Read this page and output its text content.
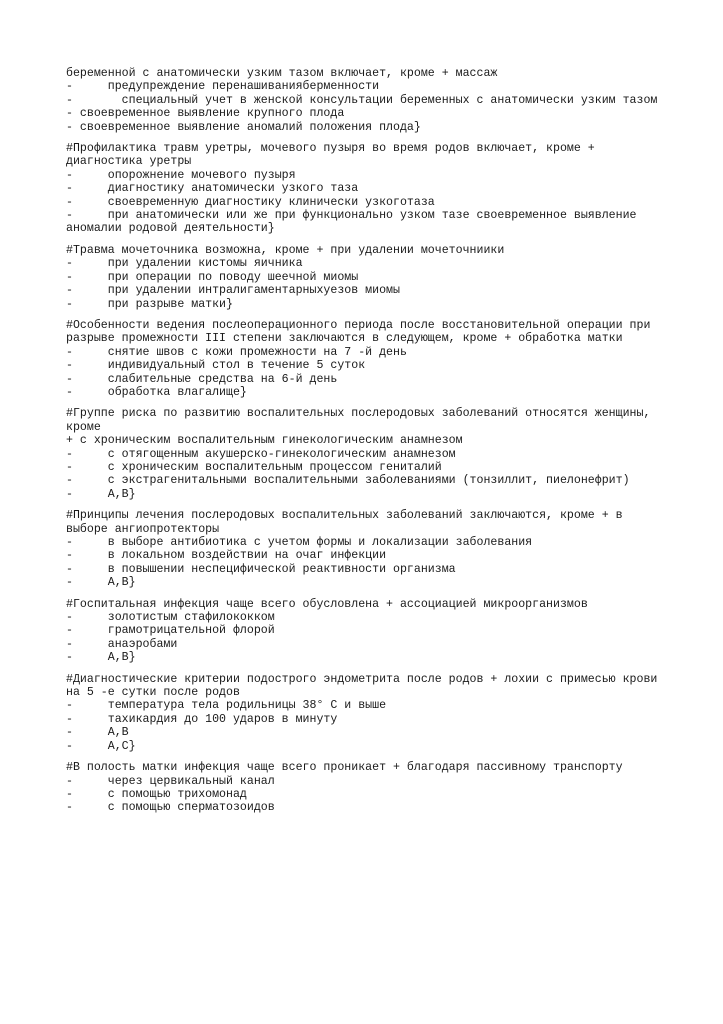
беременной с анатомически узким тазом включает, кроме + массаж
-     предупреждение перенашиванияберменности
-       специальный учет в женской консультации беременных с анатомически узким тазом
- своевременное выявление крупного плода
- своевременное выявление аномалий положения плода}
#Профилактика травм уретры, мочевого пузыря во время родов включает, кроме + диагностика уретры
-     опорожнение мочевого пузыря
-     диагностику анатомически узкого таза
-     своевременную диагностику клинически узкоготаза
-     при анатомически или же при функционально узком тазе своевременное выявление аномалии родовой деятельности}
#Травма мочеточника возможна, кроме + при удалении мочеточниики
-     при удалении кистомы яичника
-     при операции по поводу шеечной миомы
-     при удалении интралигаментарныхуезов миомы
-     при разрыве матки}
#Особенности ведения послеоперационного периода после восстановительной операции при разрыве промежности III степени заключаются в следующем, кроме + обработка матки
-     снятие швов с кожи промежности на 7 -й день
-     индивидуальный стол в течение 5 суток
-     слабительные средства на 6-й день
-     обработка влагалище}
#Группе риска по развитию воспалительных послеродовых заболеваний относятся женщины, кроме
+ с хроническим воспалительным гинекологическим анамнезом
-     с отягощенным акушерско-гинекологическим анамнезом
-     с хроническим воспалительным процессом гениталий
-     с экстрагенитальными воспалительными заболеваниями (тонзиллит, пиелонефрит)
-     А,В}
#Принципы лечения послеродовых воспалительных заболеваний заключаются, кроме + в выборе ангиопротекторы
-     в выборе антибиотика с учетом формы и локализации заболевания
-     в локальном воздействии на очаг инфекции
-     в повышении неспецифической реактивности организма
-     А,В}
#Госпитальная инфекция чаще всего обусловлена + ассоциацией микроорганизмов
-     золотистым стафилококком
-     грамотрицательной флорой
-     анаэробами
-     А,В}
#Диагностические критерии подострого эндометрита после родов + лохии с примесью крови на 5 -е сутки после родов
-     температура тела родильницы 38° С и выше
-     тахикардия до 100 ударов в минуту
-     А,В
-     А,С}
#В полость матки инфекция чаще всего проникает + благодаря пассивному транспорту
-     через цервикальный канал
-     с помощью трихомонад
-     с помощью сперматозоидов
